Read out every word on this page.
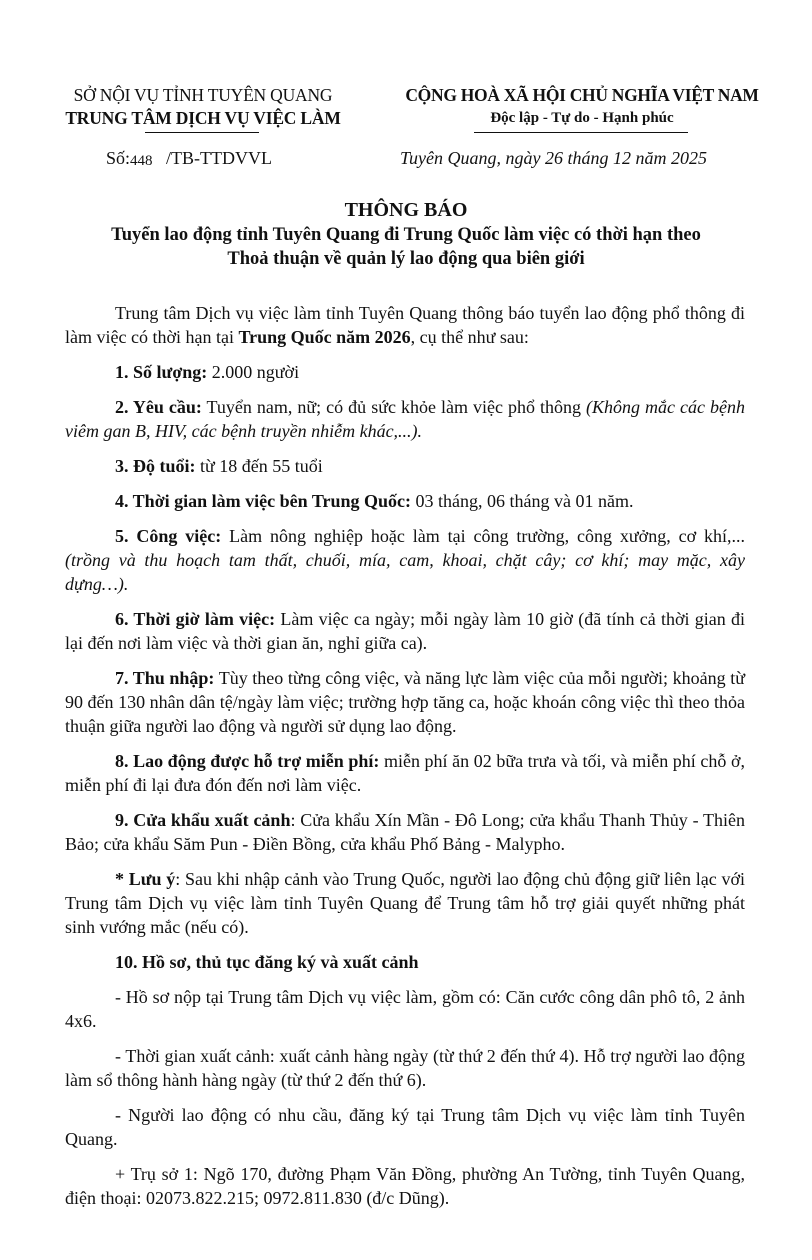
SỞ NỘI VỤ TỈNH TUYÊN QUANG
TRUNG TÂM DỊCH VỤ VIỆC LÀM
CỘNG HOÀ XÃ HỘI CHỦ NGHĨA VIỆT NAM
Độc lập - Tự do - Hạnh phúc
Số:448 /TB-TTDVVL	Tuyên Quang, ngày 26 tháng 12 năm 2025
THÔNG BÁO
Tuyển lao động tỉnh Tuyên Quang đi Trung Quốc làm việc có thời hạn theo
Thoả thuận về quản lý lao động qua biên giới

Trung tâm Dịch vụ việc làm tỉnh Tuyên Quang thông báo tuyển lao động phổ thông đi làm việc có thời hạn tại Trung Quốc năm 2026, cụ thể như sau:

1. Số lượng: 2.000 người

2. Yêu cầu: Tuyển nam, nữ; có đủ sức khỏe làm việc phổ thông (Không mắc các bệnh viêm gan B, HIV, các bệnh truyền nhiễm khác,...).

3. Độ tuổi: từ 18 đến 55 tuổi

4. Thời gian làm việc bên Trung Quốc: 03 tháng, 06 tháng và 01 năm.

5. Công việc: Làm nông nghiệp hoặc làm tại công trường, công xưởng, cơ khí,... (trồng và thu hoạch tam thất, chuối, mía, cam, khoai, chặt cây; cơ khí; may mặc, xây dựng…).

6. Thời giờ làm việc: Làm việc ca ngày; mỗi ngày làm 10 giờ (đã tính cả thời gian đi lại đến nơi làm việc và thời gian ăn, nghỉ giữa ca).

7. Thu nhập: Tùy theo từng công việc, và năng lực làm việc của mỗi người; khoảng từ 90 đến 130 nhân dân tệ/ngày làm việc; trường hợp tăng ca, hoặc khoán công việc thì theo thỏa thuận giữa người lao động và người sử dụng lao động.

8. Lao động được hỗ trợ miễn phí: miễn phí ăn 02 bữa trưa và tối, và miễn phí chỗ ở, miễn phí đi lại đưa đón đến nơi làm việc.

9. Cửa khẩu xuất cảnh: Cửa khẩu Xín Mần - Đô Long; cửa khẩu Thanh Thủy - Thiên Bảo; cửa khẩu Săm Pun - Điền Bồng, cửa khẩu Phố Bảng - Malypho.

* Lưu ý: Sau khi nhập cảnh vào Trung Quốc, người lao động chủ động giữ liên lạc với Trung tâm Dịch vụ việc làm tỉnh Tuyên Quang để Trung tâm hỗ trợ giải quyết những phát sinh vướng mắc (nếu có).

10. Hồ sơ, thủ tục đăng ký và xuất cảnh

- Hồ sơ nộp tại Trung tâm Dịch vụ việc làm, gồm có: Căn cước công dân phô tô, 2 ảnh 4x6.

- Thời gian xuất cảnh: xuất cảnh hàng ngày (từ thứ 2 đến thứ 4). Hỗ trợ người lao động làm sổ thông hành hàng ngày (từ thứ 2 đến thứ 6).

- Người lao động có nhu cầu, đăng ký tại Trung tâm Dịch vụ việc làm tỉnh Tuyên Quang.

+ Trụ sở 1: Ngõ 170, đường Phạm Văn Đồng, phường An Tường, tỉnh Tuyên Quang, điện thoại: 02073.822.215; 0972.811.830 (đ/c Dũng).
